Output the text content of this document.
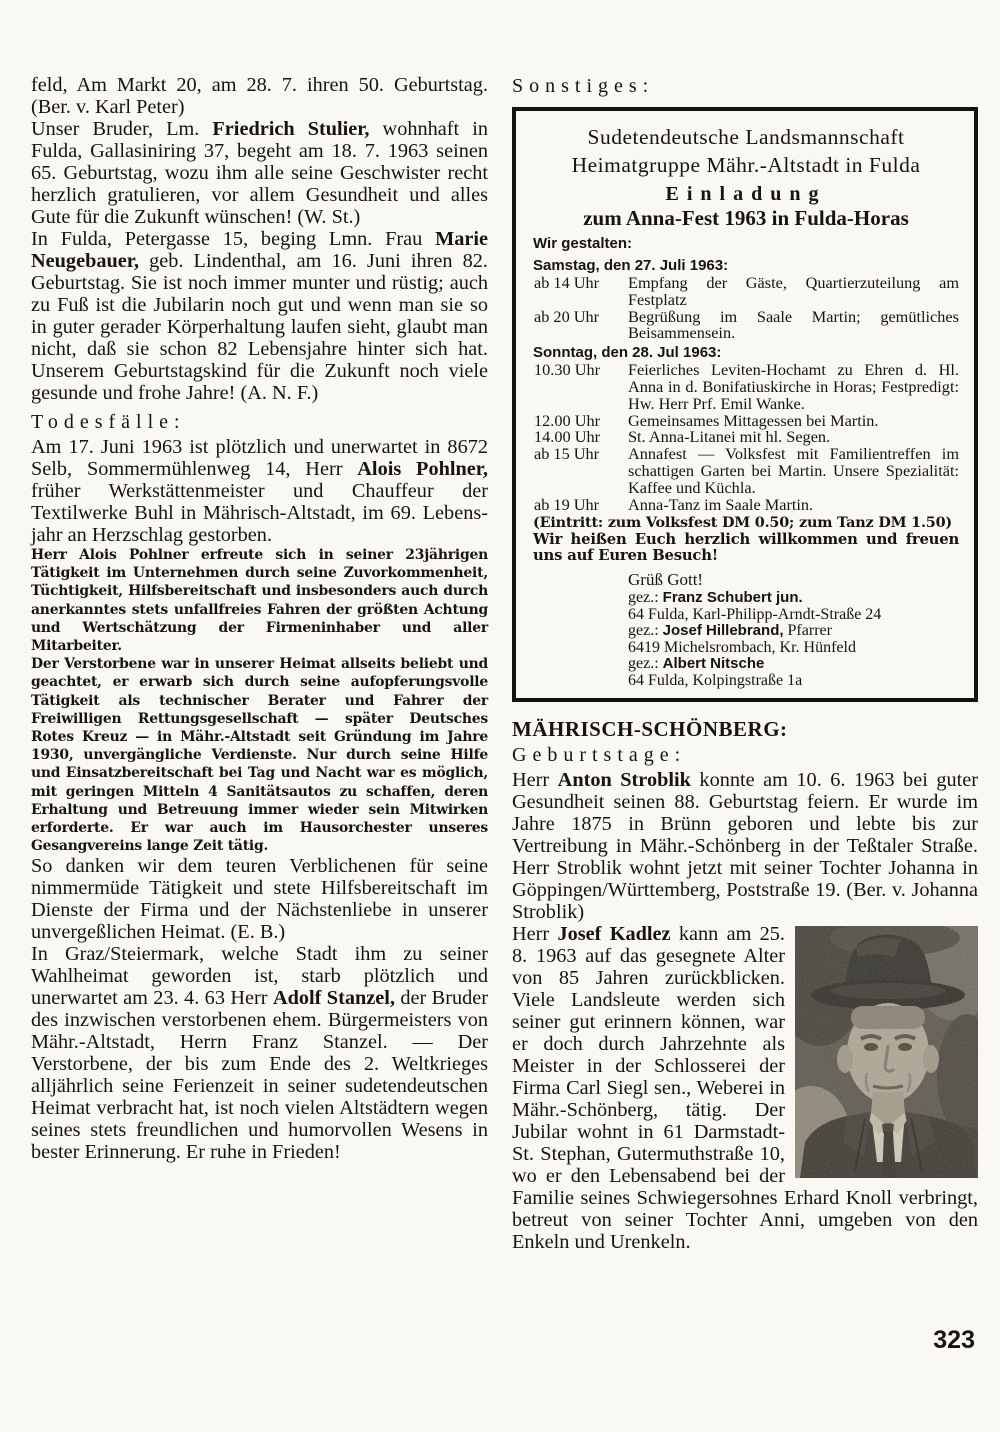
feld, Am Markt 20, am 28. 7. ihren 50. Geburtstag. (Ber. v. Karl Peter)

Unser Bruder, Lm. Friedrich Stulier, wohnhaft in Fulda, Gallasiniring 37, begeht am 18. 7. 1963 seinen 65. Geburtstag, wozu ihm alle seine Geschwister recht herzlich gratulieren, vor allem Gesundheit und alles Gute für die Zukunft wünschen! (W. St.)

In Fulda, Petergasse 15, beging Lmn. Frau Marie Neugebauer, geb. Lindenthal, am 16. Juni ihren 82. Geburtstag. Sie ist noch immer munter und rüstig; auch zu Fuß ist die Jubilarin noch gut und wenn man sie so in guter gerader Körperhaltung laufen sieht, glaubt man nicht, daß sie schon 82 Lebensjahre hinter sich hat. Unserem Geburtstagskind für die Zukunft noch viele gesunde und frohe Jahre! (A. N. F.)

Todesfälle:

Am 17. Juni 1963 ist plötzlich und unerwartet in 8672 Selb, Sommermühlenweg 14, Herr Alois Pohlner, früher Werkstättenmeister und Chauffeur der Textilwerke Buhl in Mährisch-Altstadt, im 69. Lebensjahr an Herzschlag gestorben.

Herr Alois Pohlner erfreute sich in seiner 23jährigen Tätigkeit im Unternehmen durch seine Zuvorkommenheit, Tüchtigkeit, Hilfsbereitschaft und insbesonders auch durch anerkanntes stets unfallfreies Fahren der größten Achtung und Wertschätzung der Firmeninhaber und aller Mitarbeiter.

Der Verstorbene war in unserer Heimat allseits beliebt und geachtet, er erwarb sich durch seine aufopferungsvolle Tätigkeit als technischer Berater und Fahrer der Freiwilligen Rettungsgesellschaft — später Deutsches Rotes Kreuz — in Mähr.-Altstadt seit Gründung im Jahre 1930, unvergängliche Verdienste. Nur durch seine Hilfe und Einsatzbereitschaft bei Tag und Nacht war es möglich, mit geringen Mitteln 4 Sanitätsautos zu schaffen, deren Erhaltung und Betreuung immer wieder sein Mitwirken erforderte. Er war auch im Hausorchester unseres Gesangvereins lange Zeit tätig.

So danken wir dem teuren Verblichenen für seine nimmermüde Tätigkeit und stete Hilfsbereitschaft im Dienste der Firma und der Nächstenliebe in unserer unvergeßlichen Heimat. (E. B.)

In Graz/Steiermark, welche Stadt ihm zu seiner Wahlheimat geworden ist, starb plötzlich und unerwartet am 23. 4. 63 Herr Adolf Stanzel, der Bruder des inzwischen verstorbenen ehem. Bürgermeisters von Mähr.-Altstadt, Herrn Franz Stanzel. — Der Verstorbene, der bis zum Ende des 2. Weltkrieges alljährlich seine Ferienzeit in seiner sudetendeutschen Heimat verbracht hat, ist noch vielen Altstädtern wegen seines stets freundlichen und humorvollen Wesens in bester Erinnerung. Er ruhe in Frieden!

Sonstiges:
Sudetendeutsche Landsmannschaft
Heimatgruppe Mähr.-Altstadt in Fulda
Einladung
zum Anna-Fest 1963 in Fulda-Horas
Wir gestalten:
Samstag, den 27. Juli 1963:
ab 14 Uhr Empfang der Gäste, Quartierzuteilung am Festplatz
ab 20 Uhr Begrüßung im Saale Martin; gemütliches Beisammensein.
Sonntag, den 28. Jul 1963:
10.30 Uhr Feierliches Leviten-Hochamt zu Ehren d. Hl. Anna in d. Bonifatiuskirche in Horas; Festpredigt: Hw. Herr Prf. Emil Wanke.
12.00 Uhr Gemeinsames Mittagessen bei Martin.
14.00 Uhr St. Anna-Litanei mit hl. Segen.
ab 15 Uhr Annafest — Volksfest mit Familientreffen im schattigen Garten bei Martin. Unsere Spezialität: Kaffee und Küchla.
ab 19 Uhr Anna-Tanz im Saale Martin.
(Eintritt: zum Volksfest DM 0.50; zum Tanz DM 1.50)
Wir heißen Euch herzlich willkommen und freuen uns auf Euren Besuch!
Grüß Gott!
gez.: Franz Schubert jun.
64 Fulda, Karl-Philipp-Arndt-Straße 24
gez.: Josef Hillebrand, Pfarrer
6419 Michelsrombach, Kr. Hünfeld
gez.: Albert Nitsche
64 Fulda, Kolpingstraße 1a
MÄHRISCH-SCHÖNBERG:
Geburtstage:

Herr Anton Stroblik konnte am 10. 6. 1963 bei guter Gesundheit seinen 88. Geburtstag feiern. Er wurde im Jahre 1875 in Brünn geboren und lebte bis zur Vertreibung in Mähr.-Schönberg in der Teßtaler Straße. Herr Stroblik wohnt jetzt mit seiner Tochter Johanna in Göppingen/Württemberg, Poststraße 19. (Ber. v. Johanna Stroblik)

Herr Josef Kadlez kann am 25. 8. 1963 auf das gesegnete Alter von 85 Jahren zurückblicken. Viele Landsleute werden sich seiner gut erinnern können, war er doch durch Jahrzehnte als Meister in der Schlosserei der Firma Carl Siegl sen., Weberei in Mähr.-Schönberg, tätig. Der Jubilar wohnt in 61 Darmstadt-St. Stephan, Gutermuthstraße 10, wo er den Lebensabend bei der Familie seines Schwiegersohnes Erhard Knoll verbringt, betreut von seiner Tochter Anni, umgeben von den Enkeln und Urenkeln.

323
